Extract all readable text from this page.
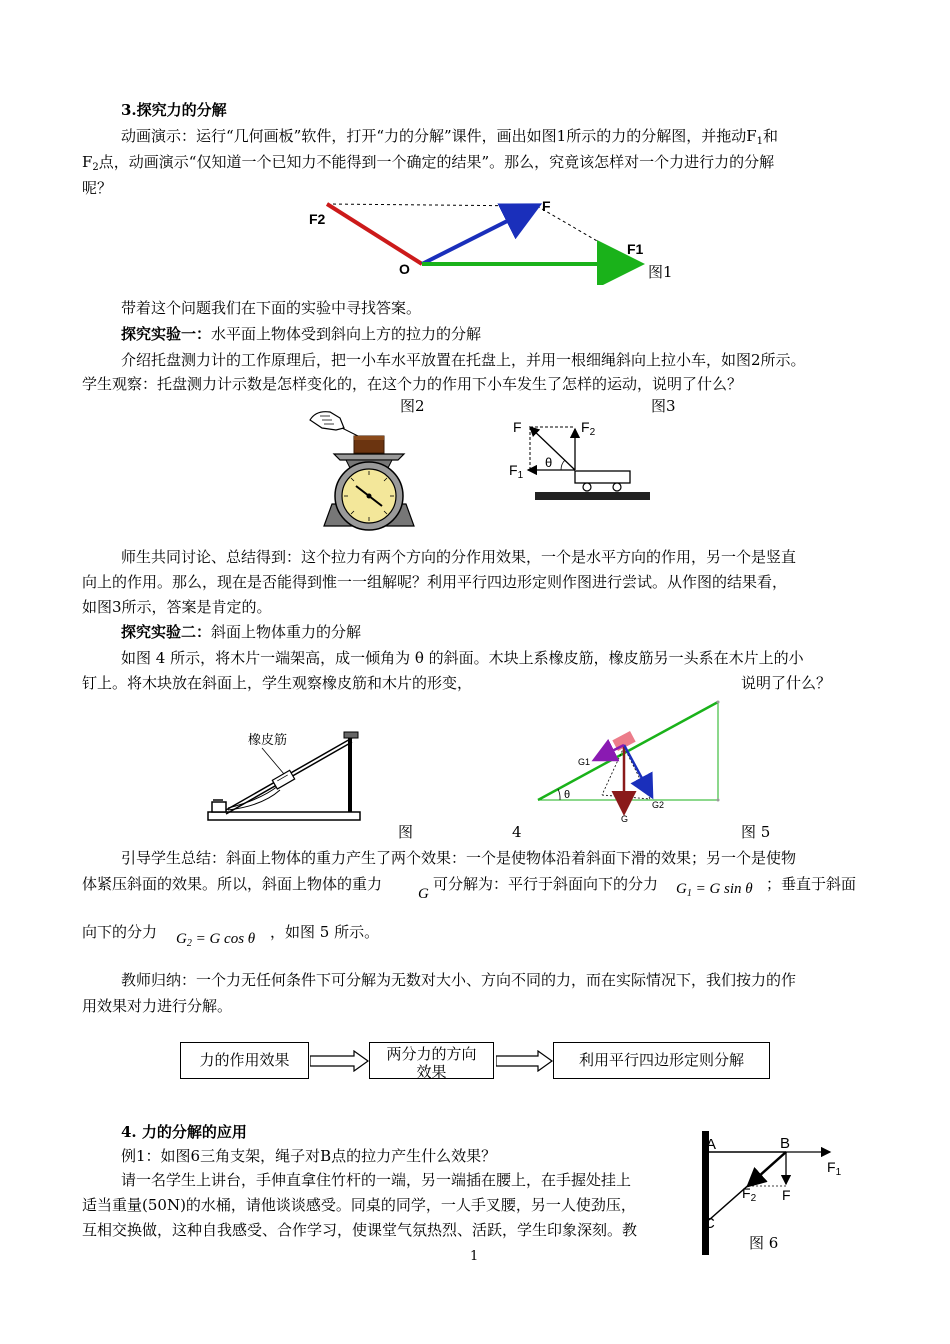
3.探究力的分解
动画演示：运行“几何画板”软件，打开“力的分解”课件，画出如图1所示的力的分解图，并拖动$F_1$和
$F_2$点，动画演示“仅知道一个已知力不能得到一个确定的结果”。那么，究竟该怎样对一个力进行力的分解
呢？
F2
F
F1
O	图1
带着这个问题我们在下面的实验中寻找答案。
探究实验一：水平面上物体受到斜向上方的拉力的分解
介绍托盘测力计的工作原理后，把一小车水平放置在托盘上，并用一根细绳斜向上拉小车，如图2所示。
学生观察：托盘测力计示数是怎样变化的，在这个力的作用下小车发生了怎样的运动，说明了什么？
图2	图3
F	$F_2$
$F_1$
θ
师生共同讨论、总结得到：这个拉力有两个方向的分作用效果，一个是水平方向的作用，另一个是竖直
向上的作用。那么，现在是否能得到惟一一组解呢？利用平行四边形定则作图进行尝试。从作图的结果看，
如图3所示，答案是肯定的。
探究实验二：斜面上物体重力的分解
如图 4 所示，将木片一端架高，成一倾角为 θ 的斜面。木块上系橡皮筋，橡皮筋另一头系在木片上的小
钉上。将木块放在斜面上，学生观察橡皮筋和木片的形变，	说明了什么？
橡皮筋
G1
G2
G
θ
图	4	图 5
引导学生总结：斜面上物体的重力产生了两个效果：一个是使物体沿着斜面下滑的效果；另一个是使物
体紧压斜面的效果。所以，斜面上物体的重力
G
可分解为：平行于斜面向下的分力 $G_1 = G$ sin θ ；垂直于斜面
向下的分力 $G_2 = G$ cos θ ，如图 5 所示。
教师归纳：一个力无任何条件下可分解为无数对大小、方向不同的力，而在实际情况下，我们按力的作
用效果对力进行分解。
力的作用效果	两分力的方向效果
利用平行四边形定则分解
4. 力的分解的应用
例1：如图6三角支架，绳子对B点的拉力产生什么效果？
请一名学生上讲台，手伸直拿住竹杆的一端，另一端插在腰上，在手握处挂上
适当重量(50N)的水桶，请他谈谈感受。同桌的同学，一人手叉腰，另一人使劲压，
互相交换做，这种自我感受、合作学习，使课堂气氛热烈、活跃，学生印象深刻。教
A	B
C
F
$F_1$
$F_2$
图 6
1
